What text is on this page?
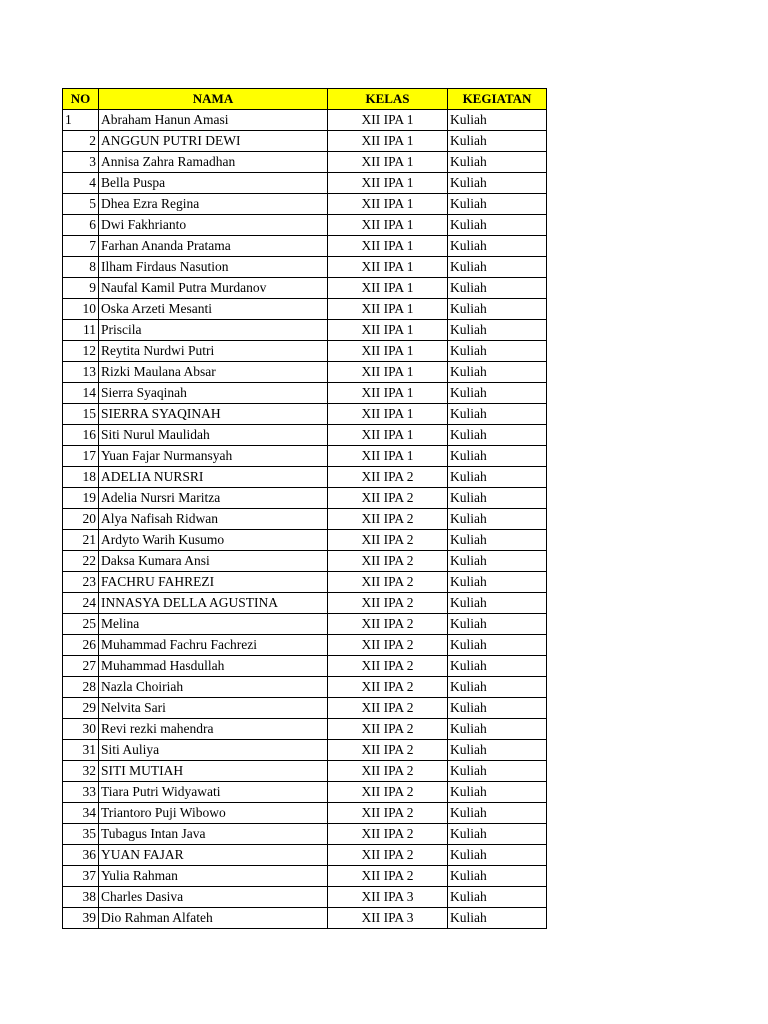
NO	NAMA	KELAS	KEGIATAN
1	Abraham Hanun Amasi	XII IPA 1	Kuliah
2	ANGGUN PUTRI DEWI	XII IPA 1	Kuliah
3	Annisa Zahra Ramadhan	XII IPA 1	Kuliah
4	Bella Puspa	XII IPA 1	Kuliah
5	Dhea Ezra Regina	XII IPA 1	Kuliah
6	Dwi Fakhrianto	XII IPA 1	Kuliah
7	Farhan Ananda Pratama	XII IPA 1	Kuliah
8	Ilham Firdaus Nasution	XII IPA 1	Kuliah
9	Naufal Kamil Putra Murdanov	XII IPA 1	Kuliah
10	Oska Arzeti Mesanti	XII IPA 1	Kuliah
11	Priscila	XII IPA 1	Kuliah
12	Reytita Nurdwi Putri	XII IPA 1	Kuliah
13	Rizki Maulana Absar	XII IPA 1	Kuliah
14	Sierra Syaqinah	XII IPA 1	Kuliah
15	SIERRA SYAQINAH	XII IPA 1	Kuliah
16	Siti Nurul Maulidah	XII IPA 1	Kuliah
17	Yuan Fajar Nurmansyah	XII IPA 1	Kuliah
18	ADELIA NURSRI	XII IPA 2	Kuliah
19	Adelia Nursri Maritza	XII IPA 2	Kuliah
20	Alya Nafisah Ridwan	XII IPA 2	Kuliah
21	Ardyto Warih Kusumo	XII IPA 2	Kuliah
22	Daksa Kumara Ansi	XII IPA 2	Kuliah
23	FACHRU FAHREZI	XII IPA 2	Kuliah
24	INNASYA DELLA AGUSTINA	XII IPA 2	Kuliah
25	Melina	XII IPA 2	Kuliah
26	Muhammad Fachru Fachrezi	XII IPA 2	Kuliah
27	Muhammad Hasdullah	XII IPA 2	Kuliah
28	Nazla Choiriah	XII IPA 2	Kuliah
29	Nelvita Sari	XII IPA 2	Kuliah
30	Revi rezki mahendra	XII IPA 2	Kuliah
31	Siti Auliya	XII IPA 2	Kuliah
32	SITI MUTIAH	XII IPA 2	Kuliah
33	Tiara Putri Widyawati	XII IPA 2	Kuliah
34	Triantoro Puji Wibowo	XII IPA 2	Kuliah
35	Tubagus Intan Java	XII IPA 2	Kuliah
36	YUAN FAJAR	XII IPA 2	Kuliah
37	Yulia Rahman	XII IPA 2	Kuliah
38	Charles Dasiva	XII IPA 3	Kuliah
39	Dio Rahman Alfateh	XII IPA 3	Kuliah
